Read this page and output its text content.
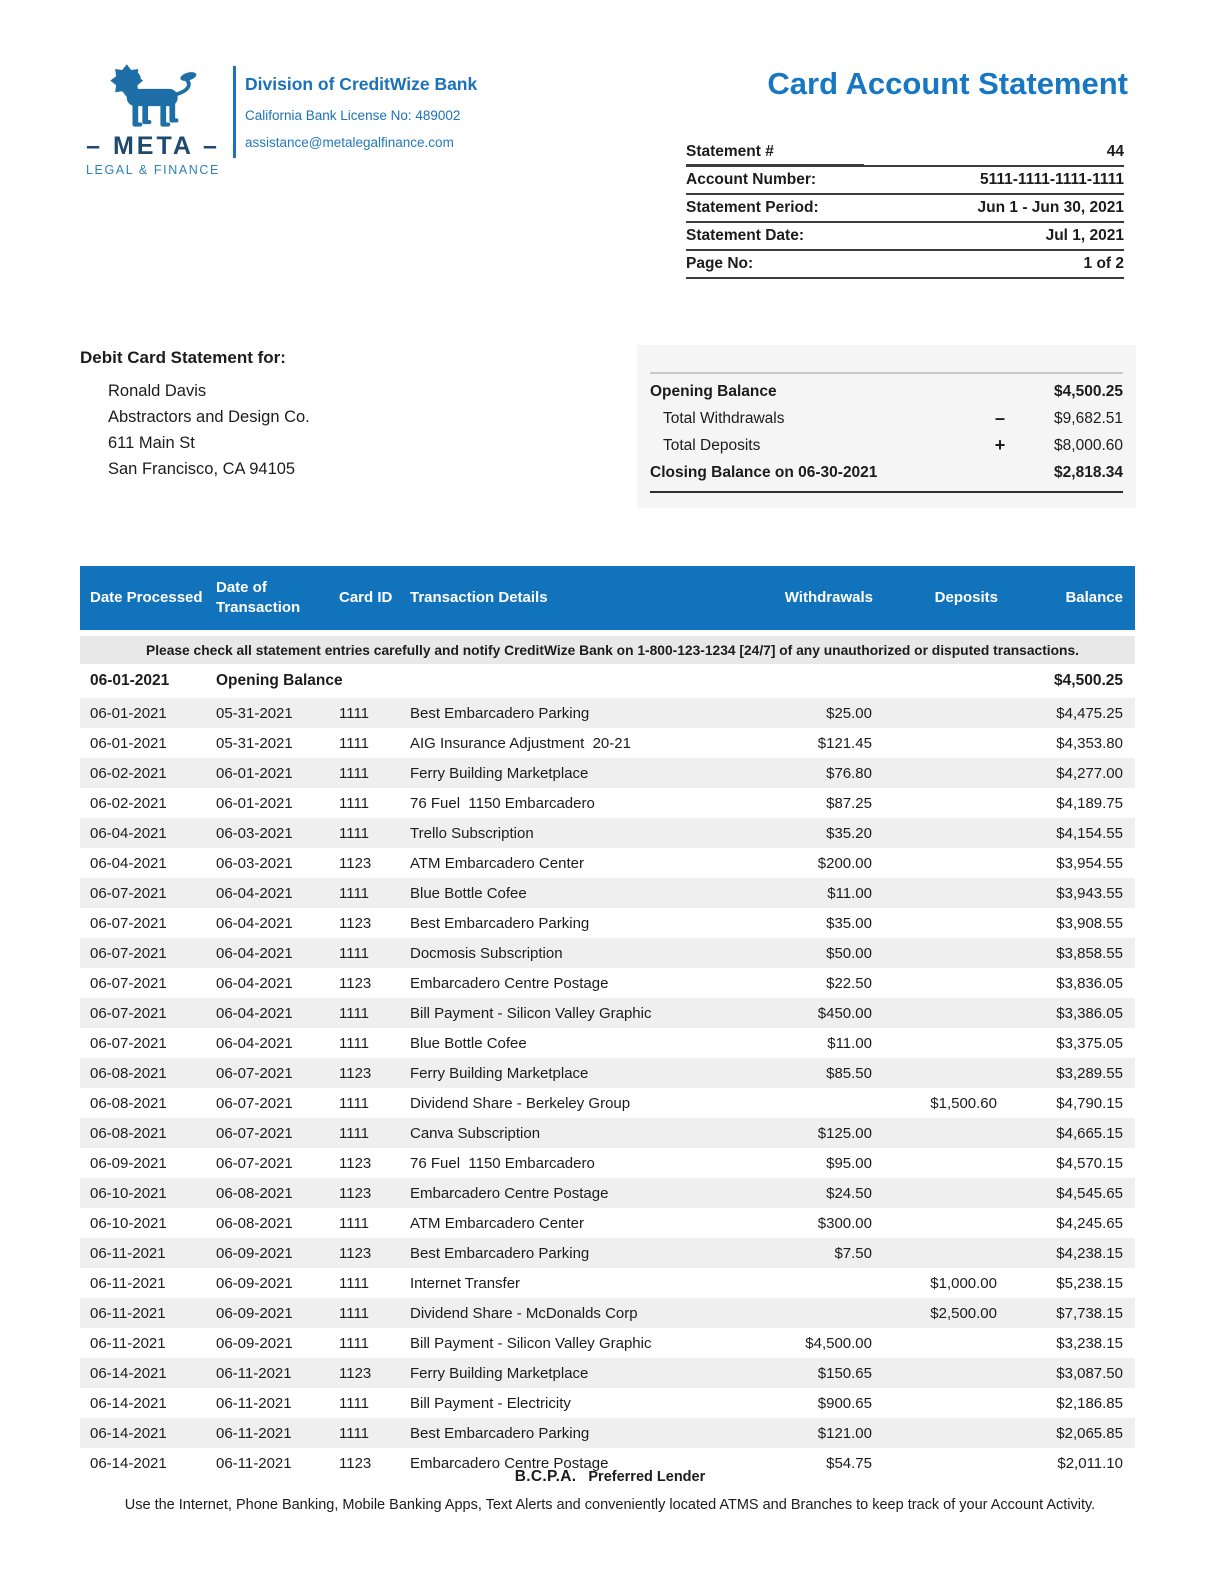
– META –
LEGAL & FINANCE
Division of CreditWize Bank
California Bank License No: 489002
assistance@metalegalfinance.com
Card Account Statement
Statement #	44
Account Number:	5111-1111-1111-1111
Statement Period:	Jun 1 - Jun 30, 2021
Statement Date:	Jul 1, 2021
Page No:	1 of 2

Debit Card Statement for:

Ronald Davis
Abstractors and Design Co.
611 Main St
San Francisco, CA 94105
Opening Balance	$4,500.25
Total Withdrawals	–	$9,682.51
Total Deposits	+	$8,000.60
Closing Balance on 06-30-2021	$2,818.34
Date Processed	Date of Transaction	Card ID	Transaction Details	Withdrawals	Deposits	Balance

Please check all statement entries carefully and notify CreditWize Bank on 1-800-123-1234 [24/7] of any unauthorized or disputed transactions.						
06-01-2021	Opening Balance					$4,500.25
06-01-2021	05-31-2021	1111	Best Embarcadero Parking	$25.00		$4,475.25
06-01-2021	05-31-2021	1111	AIG Insurance Adjustment  20-21	$121.45		$4,353.80
06-02-2021	06-01-2021	1111	Ferry Building Marketplace	$76.80		$4,277.00
06-02-2021	06-01-2021	1111	76 Fuel  1150 Embarcadero	$87.25		$4,189.75
06-04-2021	06-03-2021	1111	Trello Subscription	$35.20		$4,154.55
06-04-2021	06-03-2021	1123	ATM Embarcadero Center	$200.00		$3,954.55
06-07-2021	06-04-2021	1111	Blue Bottle Cofee	$11.00		$3,943.55
06-07-2021	06-04-2021	1123	Best Embarcadero Parking	$35.00		$3,908.55
06-07-2021	06-04-2021	1111	Docmosis Subscription	$50.00		$3,858.55
06-07-2021	06-04-2021	1123	Embarcadero Centre Postage	$22.50		$3,836.05
06-07-2021	06-04-2021	1111	Bill Payment - Silicon Valley Graphic	$450.00		$3,386.05
06-07-2021	06-04-2021	1111	Blue Bottle Cofee	$11.00		$3,375.05
06-08-2021	06-07-2021	1123	Ferry Building Marketplace	$85.50		$3,289.55
06-08-2021	06-07-2021	1111	Dividend Share - Berkeley Group		$1,500.60	$4,790.15
06-08-2021	06-07-2021	1111	Canva Subscription	$125.00		$4,665.15
06-09-2021	06-07-2021	1123	76 Fuel  1150 Embarcadero	$95.00		$4,570.15
06-10-2021	06-08-2021	1123	Embarcadero Centre Postage	$24.50		$4,545.65
06-10-2021	06-08-2021	1111	ATM Embarcadero Center	$300.00		$4,245.65
06-11-2021	06-09-2021	1123	Best Embarcadero Parking	$7.50		$4,238.15
06-11-2021	06-09-2021	1111	Internet Transfer		$1,000.00	$5,238.15
06-11-2021	06-09-2021	1111	Dividend Share - McDonalds Corp		$2,500.00	$7,738.15
06-11-2021	06-09-2021	1111	Bill Payment - Silicon Valley Graphic	$4,500.00		$3,238.15
06-14-2021	06-11-2021	1123	Ferry Building Marketplace	$150.65		$3,087.50
06-14-2021	06-11-2021	1111	Bill Payment - Electricity	$900.65		$2,186.85
06-14-2021	06-11-2021	1111	Best Embarcadero Parking	$121.00		$2,065.85
06-14-2021	06-11-2021	1123	Embarcadero Centre Postage	$54.75		$2,011.10
B.C.P.A. Preferred Lender
Use the Internet, Phone Banking, Mobile Banking Apps, Text Alerts and conveniently located ATMS and Branches to keep track of your Account Activity.
